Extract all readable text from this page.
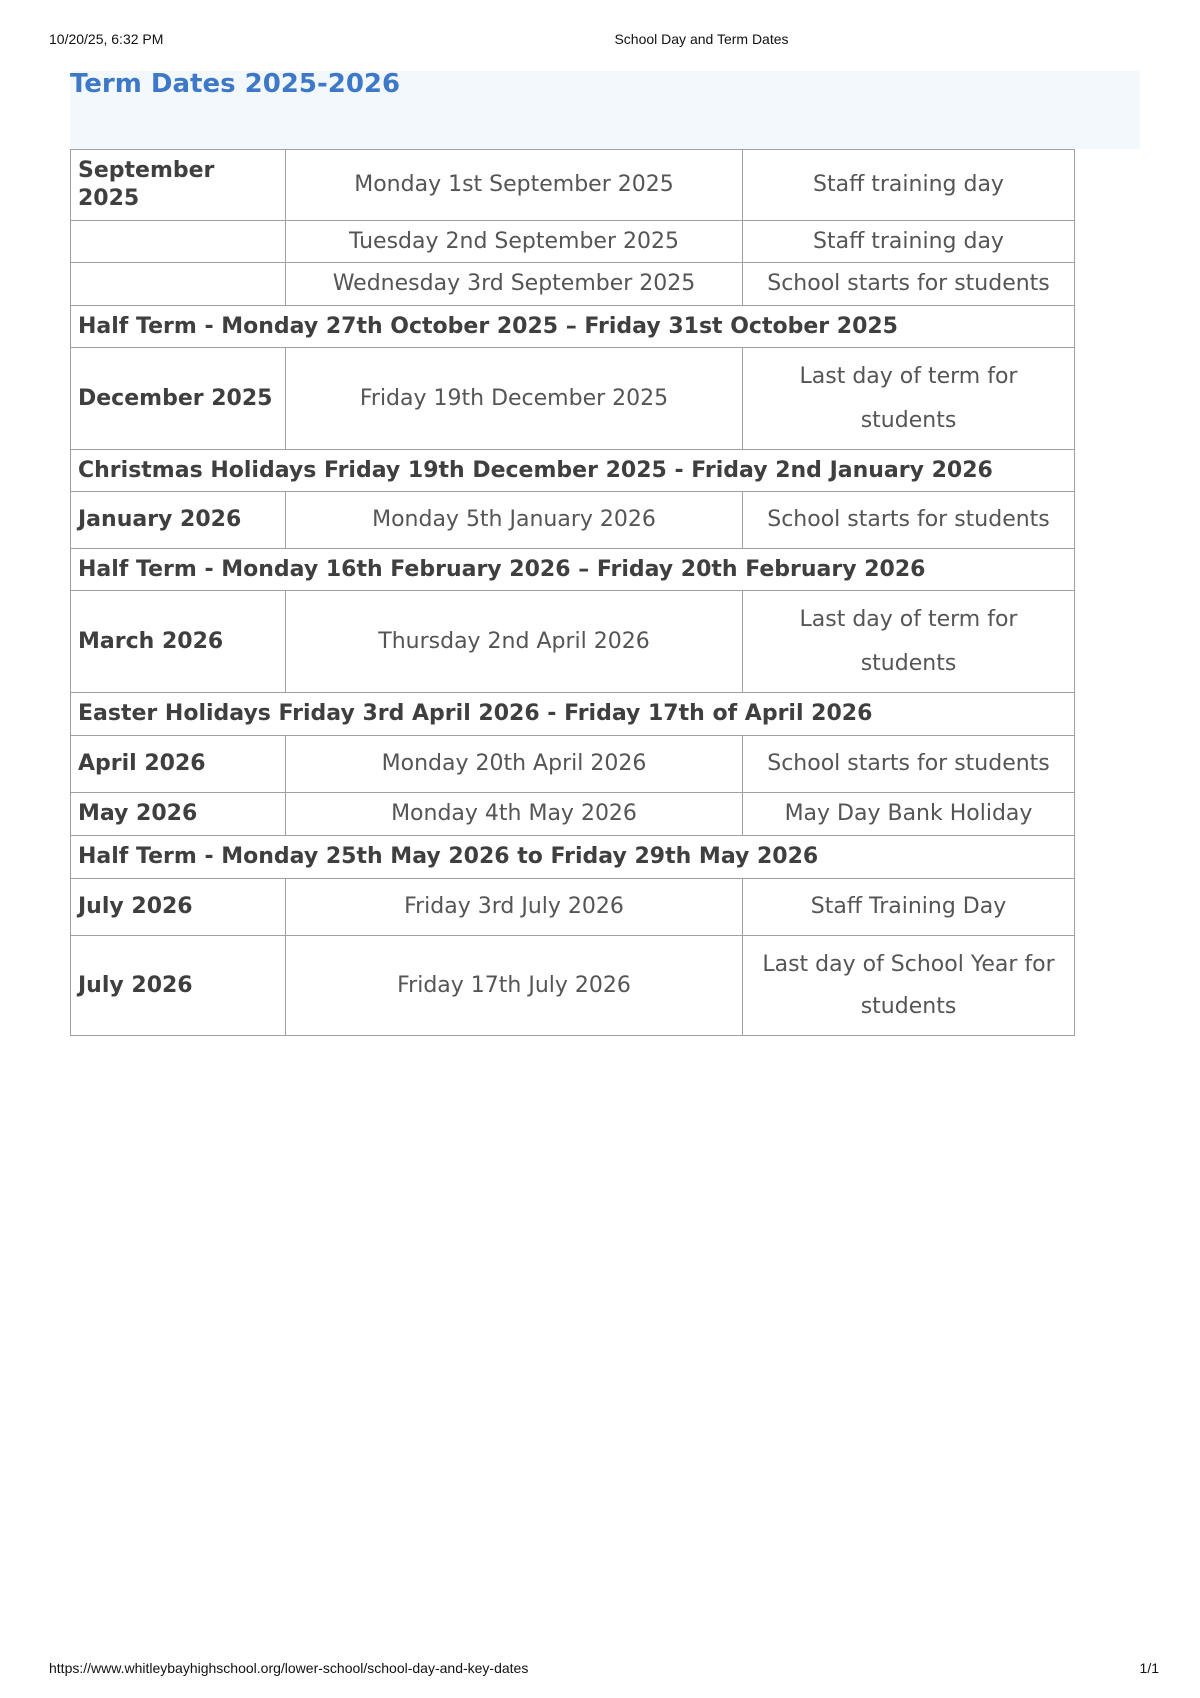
10/20/25, 6:32 PM	School Day and Term Dates
Term Dates 2025-2026
September 2025	Monday 1st September 2025	Staff training day
	Tuesday 2nd September 2025	Staff training day
	Wednesday 3rd September 2025	School starts for students
Half Term - Monday 27th October 2025 – Friday 31st October 2025		
December 2025	Friday 19th December 2025	Last day of term for students
Christmas Holidays Friday 19th December 2025 - Friday 2nd January 2026		
January 2026	Monday 5th January 2026	School starts for students
Half Term - Monday 16th February 2026 – Friday 20th February 2026		
March 2026	Thursday 2nd April 2026	Last day of term for students
Easter Holidays Friday 3rd April 2026 - Friday 17th of April 2026		
April 2026	Monday 20th April 2026	School starts for students
May 2026	Monday 4th May 2026	May Day Bank Holiday
Half Term - Monday 25th May 2026 to Friday 29th May 2026		
July 2026	Friday 3rd July 2026	Staff Training Day
July 2026	Friday 17th July 2026	Last day of School Year for students
https://www.whitleybayhighschool.org/lower-school/school-day-and-key-dates	1/1
